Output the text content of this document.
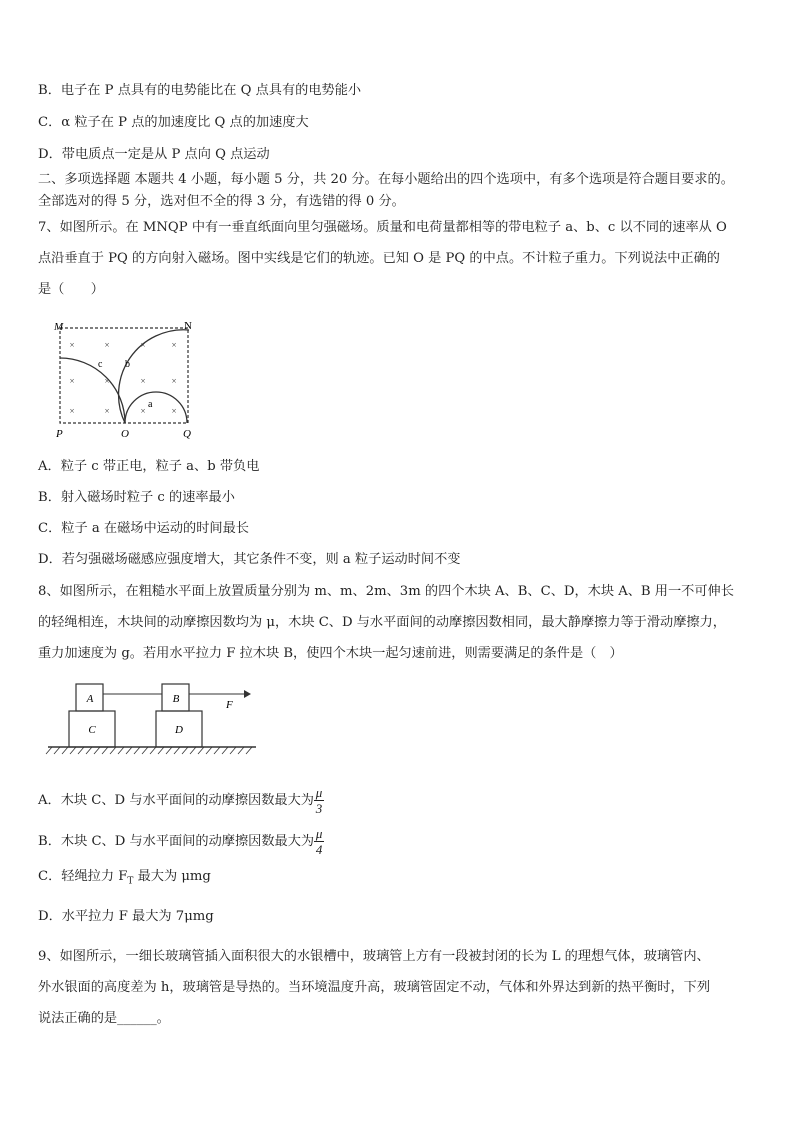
B．电子在 P 点具有的电势能比在 Q 点具有的电势能小
C．α 粒子在 P 点的加速度比 Q 点的加速度大
D．带电质点一定是从 P 点向 Q 点运动
二、多项选择题 本题共 4 小题，每小题 5 分，共 20 分。在每小题给出的四个选项中，有多个选项是符合题目要求的。
全部选对的得 5 分，选对但不全的得 3 分，有选错的得 0 分。
7、如图所示。在 MNQP 中有一垂直纸面向里匀强磁场。质量和电荷量都相等的带电粒子 a、b、c 以不同的速率从 O
点沿垂直于 PQ 的方向射入磁场。图中实线是它们的轨迹。已知 O 是 PQ 的中点。不计粒子重力。下列说法中正确的
是（　　）
×	×	×	×
×	×	×	×
×	×	×	×
M	N
P	O	Q
a
b
c
A．粒子 c 带正电，粒子 a、b 带负电
B．射入磁场时粒子 c 的速率最小
C．粒子 a 在磁场中运动的时间最长
D．若匀强磁场磁感应强度增大，其它条件不变，则 a 粒子运动时间不变
8、如图所示，在粗糙水平面上放置质量分别为 m、m、2m、3m 的四个木块 A、B、C、D，木块 A、B 用一不可伸长
的轻绳相连，木块间的动摩擦因数均为 μ，木块 C、D 与水平面间的动摩擦因数相同，最大静摩擦力等于滑动摩擦力，
重力加速度为 g。若用水平拉力 F 拉木块 B，使四个木块一起匀速前进，则需要满足的条件是（　）
A	B
C	D
F
A．木块 C、D 与水平面间的动摩擦因数最大为 $\frac{\mu}{3}$
B．木块 C、D 与水平面间的动摩擦因数最大为 $\frac{\mu}{4}$
C．轻绳拉力 $F_T$ 最大为 μmg
D．水平拉力 F 最大为 7μmg
9、如图所示，一细长玻璃管插入面积很大的水银槽中，玻璃管上方有一段被封闭的长为 L 的理想气体，玻璃管内、
外水银面的高度差为 h，玻璃管是导热的。当环境温度升高，玻璃管固定不动，气体和外界达到新的热平衡时，下列
说法正确的是______。
